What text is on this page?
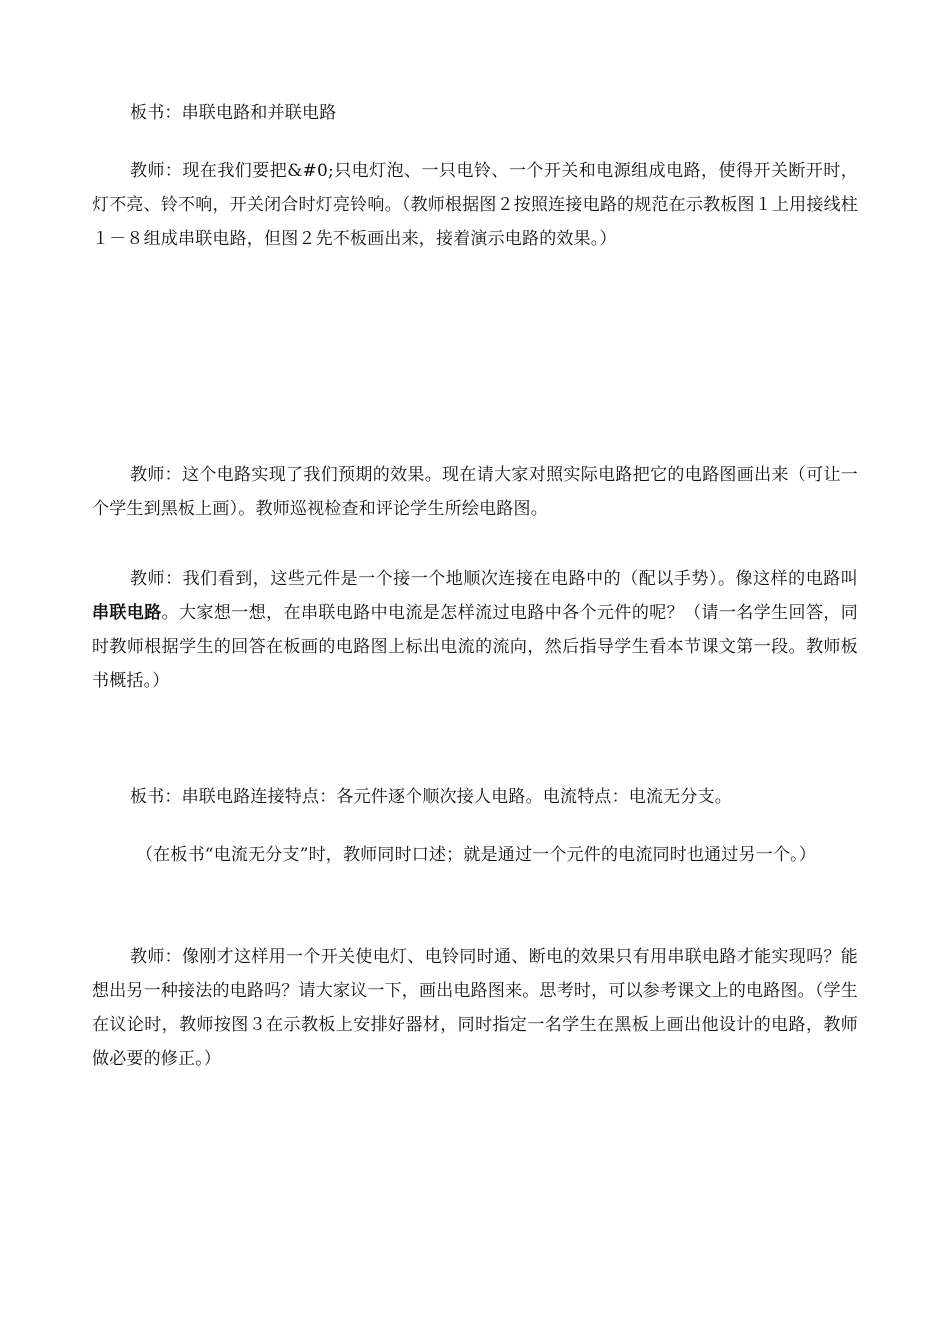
板书：串联电路和并联电路

教师：现在我们要把&#0;只电灯泡、一只电铃、一个开关和电源组成电路，使得开关断开时，灯不亮、铃不响，开关闭合时灯亮铃响。（教师根据图２按照连接电路的规范在示教板图１上用接线柱１－８组成串联电路，但图２先不板画出来，接着演示电路的效果。）

教师：这个电路实现了我们预期的效果。现在请大家对照实际电路把它的电路图画出来（可让一个学生到黑板上画）。教师巡视检查和评论学生所绘电路图。

教师：我们看到，这些元件是一个接一个地顺次连接在电路中的（配以手势）。像这样的电路叫串联电路。大家想一想，在串联电路中电流是怎样流过电路中各个元件的呢？（请一名学生回答，同时教师根据学生的回答在板画的电路图上标出电流的流向，然后指导学生看本节课文第一段。教师板书概括。）

板书：串联电路连接特点：各元件逐个顺次接人电路。电流特点：电流无分支。

（在板书“电流无分支”时，教师同时口述；就是通过一个元件的电流同时也通过另一个。）

教师：像刚才这样用一个开关使电灯、电铃同时通、断电的效果只有用串联电路才能实现吗？能想出另一种接法的电路吗？请大家议一下，画出电路图来。思考时，可以参考课文上的电路图。（学生在议论时，教师按图３在示教板上安排好器材，同时指定一名学生在黑板上画出他设计的电路，教师做必要的修正。）
